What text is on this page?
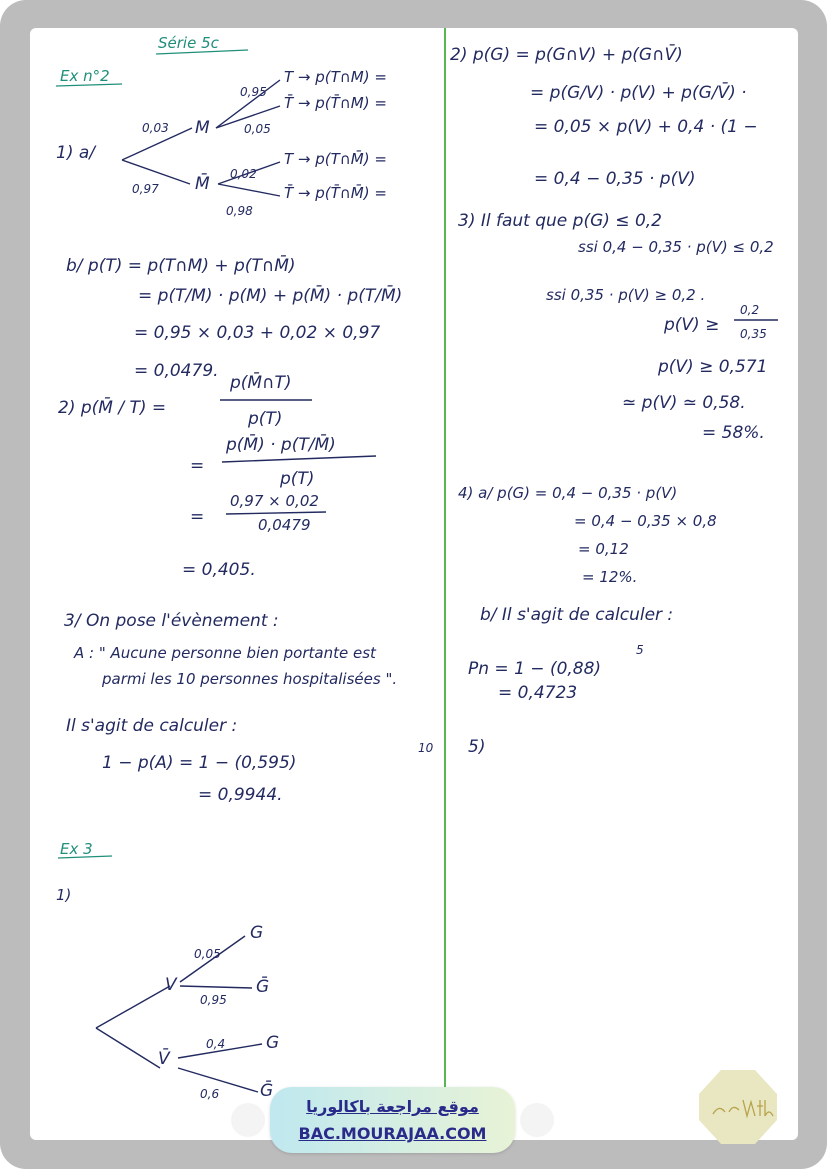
Série 5c
Ex n°2
1) a/
0,03
0,97
M
M̄
0,95
0,05
0,02
0,98
T → p(T∩M) =
T̄ → p(T̄∩M) =
T → p(T∩M̄) =
T̄ → p(T̄∩M̄) =
b/ p(T) = p(T∩M) + p(T∩M̄)
= p(T/M) · p(M) + p(M̄) · p(T/M̄)
= 0,95 × 0,03 + 0,02 × 0,97
= 0,0479.
2) p(M̄ / T) =
p(M̄∩T)
p(T)
=
p(M̄) · p(T/M̄)
p(T)
=
0,97 × 0,02
0,0479
= 0,405.
3/ On pose l'évènement :
A : " Aucune personne bien portante est
parmi les 10 personnes hospitalisées ".
Il s'agit de calculer :
1 − p(A) = 1 − (0,595)
10
= 0,9944.
Ex 3
1)
V
V̄
0,05
0,95
0,4
0,6
G
Ḡ
G
Ḡ
2) p(G) = p(G∩V) + p(G∩V̄)
= p(G/V) · p(V) + p(G/V̄) ·
= 0,05 × p(V) + 0,4 · (1 −
= 0,4 − 0,35 · p(V)
3) Il faut que p(G) ≤ 0,2
ssi 0,4 − 0,35 · p(V) ≤ 0,2
ssi 0,35 · p(V) ≥ 0,2 .
p(V) ≥
0,2
0,35
p(V) ≥ 0,571
≃ p(V) ≃ 0,58.
= 58%.
4) a/ p(G) = 0,4 − 0,35 · p(V)
= 0,4 − 0,35 × 0,8
= 0,12
= 12%.
b/ Il s'agit de calculer :
Pn = 1 − (0,88)
5
= 0,4723
5)
موقع مراجعة باكالوريا
BAC.MOURAJAA.COM
